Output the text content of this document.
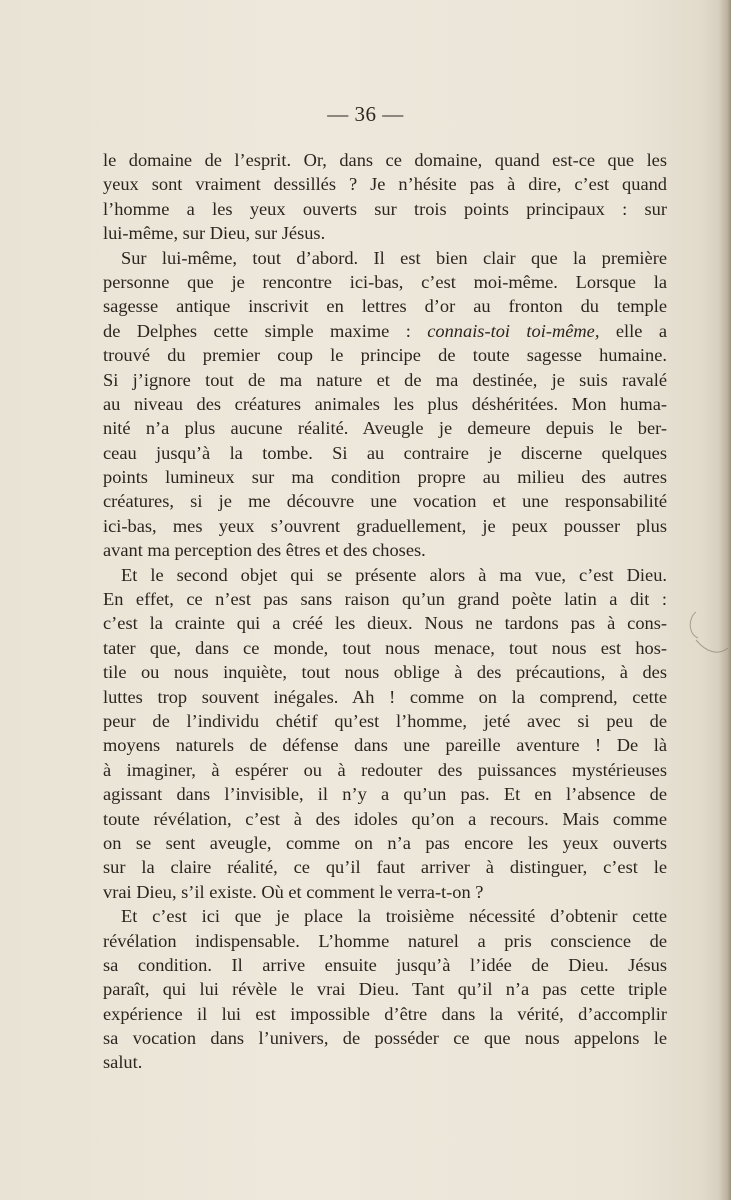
— 36 —
le domaine de l’esprit. Or, dans ce domaine, quand est-ce que les
yeux sont vraiment dessillés ? Je n’hésite pas à dire, c’est quand
l’homme a les yeux ouverts sur trois points principaux : sur
lui-même, sur Dieu, sur Jésus.
Sur lui-même, tout d’abord. Il est bien clair que la première
personne que je rencontre ici-bas, c’est moi-même. Lorsque la
sagesse antique inscrivit en lettres d’or au fronton du temple
de Delphes cette simple maxime : connais-toi toi-même, elle a
trouvé du premier coup le principe de toute sagesse humaine.
Si j’ignore tout de ma nature et de ma destinée, je suis ravalé
au niveau des créatures animales les plus déshéritées. Mon huma-
nité n’a plus aucune réalité. Aveugle je demeure depuis le ber-
ceau jusqu’à la tombe. Si au contraire je discerne quelques
points lumineux sur ma condition propre au milieu des autres
créatures, si je me découvre une vocation et une responsabilité
ici-bas, mes yeux s’ouvrent graduellement, je peux pousser plus
avant ma perception des êtres et des choses.
Et le second objet qui se présente alors à ma vue, c’est Dieu.
En effet, ce n’est pas sans raison qu’un grand poète latin a dit :
c’est la crainte qui a créé les dieux. Nous ne tardons pas à cons-
tater que, dans ce monde, tout nous menace, tout nous est hos-
tile ou nous inquiète, tout nous oblige à des précautions, à des
luttes trop souvent inégales. Ah ! comme on la comprend, cette
peur de l’individu chétif qu’est l’homme, jeté avec si peu de
moyens naturels de défense dans une pareille aventure ! De là
à imaginer, à espérer ou à redouter des puissances mystérieuses
agissant dans l’invisible, il n’y a qu’un pas. Et en l’absence de
toute révélation, c’est à des idoles qu’on a recours. Mais comme
on se sent aveugle, comme on n’a pas encore les yeux ouverts
sur la claire réalité, ce qu’il faut arriver à distinguer, c’est le
vrai Dieu, s’il existe. Où et comment le verra-t-on ?
Et c’est ici que je place la troisième nécessité d’obtenir cette
révélation indispensable. L’homme naturel a pris conscience de
sa condition. Il arrive ensuite jusqu’à l’idée de Dieu. Jésus
paraît, qui lui révèle le vrai Dieu. Tant qu’il n’a pas cette triple
expérience il lui est impossible d’être dans la vérité, d’accomplir
sa vocation dans l’univers, de posséder ce que nous appelons le
salut.
